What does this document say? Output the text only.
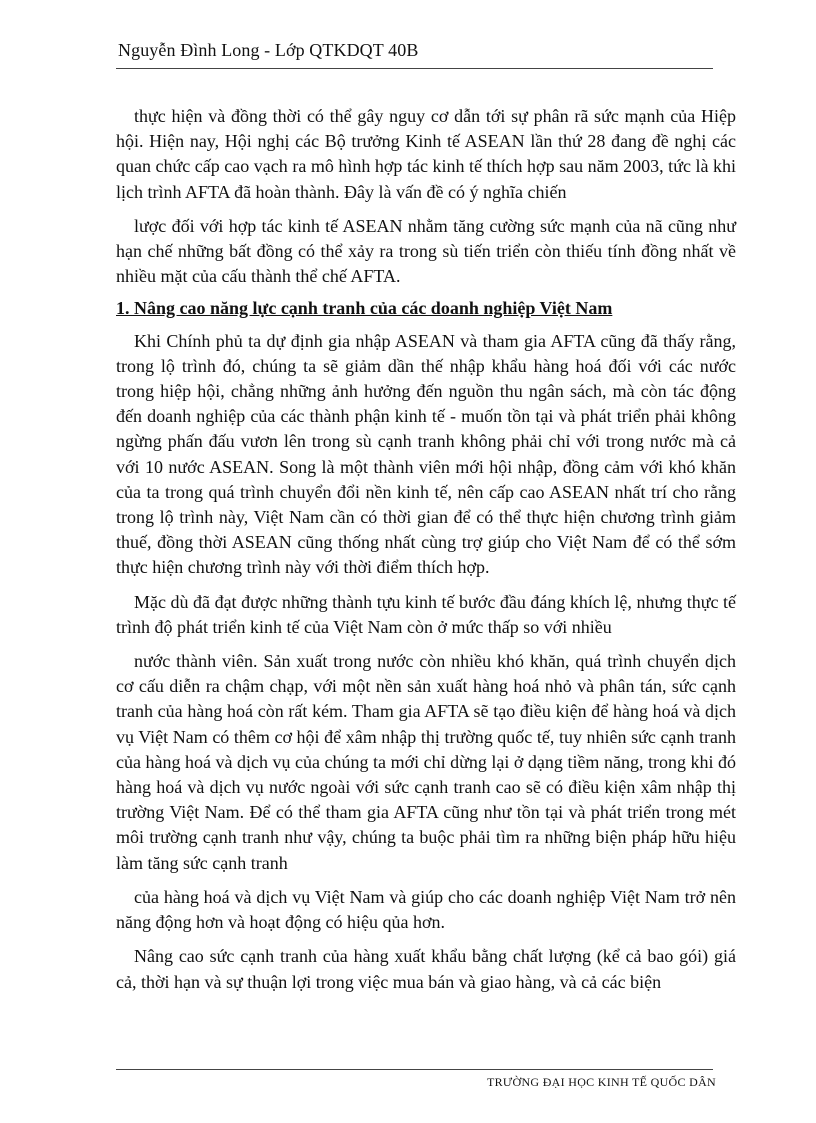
Nguyễn Đình Long - Lớp QTKDQT 40B

thực hiện và đồng thời có thể gây nguy cơ dẫn tới sự phân rã sức mạnh của Hiệp hội. Hiện nay, Hội nghị các Bộ trưởng Kinh tế ASEAN lần thứ 28 đang đề nghị các quan chức cấp cao vạch ra mô hình hợp tác kinh tế thích hợp sau năm 2003, tức là khi lịch trình AFTA đã hoàn thành. Đây là vấn đề có ý nghĩa chiến

lược đối với hợp tác kinh tế ASEAN nhằm tăng cường sức mạnh của nã cũng như hạn chế những bất đồng có thể xảy ra trong sù tiến triển còn thiếu tính đồng nhất về nhiều mặt của cấu thành thể chế AFTA.

1. Nâng cao năng lực cạnh tranh của các doanh nghiệp Việt Nam

Khi Chính phủ ta dự định gia nhập ASEAN và tham gia AFTA cũng đã thấy rằng, trong lộ trình đó, chúng ta sẽ giảm dần thế nhập khẩu hàng hoá đối với các nước trong hiệp hội, chẳng những ảnh hưởng đến nguồn thu ngân sách, mà còn tác động đến doanh nghiệp của các thành phận kinh tế - muốn tồn tại và phát triển phải không ngừng phấn đấu vươn lên trong sù cạnh tranh không phải chỉ với trong nước mà cả với 10 nước ASEAN. Song là một thành viên mới hội nhập, đồng cảm với khó khăn của ta trong quá trình chuyển đổi nền kinh tế, nên cấp cao ASEAN nhất trí cho rằng trong lộ trình này, Việt Nam cần có thời gian để có thể thực hiện chương trình giảm thuế, đồng thời ASEAN cũng thống nhất cùng trợ giúp cho Việt Nam để có thể sớm thực hiện chương trình này với thời điểm thích hợp.

Mặc dù đã đạt được những thành tựu kinh tế bước đầu đáng khích lệ, nhưng thực tế trình độ phát triển kinh tế của Việt Nam còn ở mức thấp so với nhiều

nước thành viên. Sản xuất trong nước còn nhiều khó khăn, quá trình chuyển dịch cơ cấu diễn ra chậm chạp, với một nền sản xuất hàng hoá nhỏ và phân tán, sức cạnh tranh của hàng hoá còn rất kém. Tham gia AFTA sẽ tạo điều kiện để hàng hoá và dịch vụ Việt Nam có thêm cơ hội để xâm nhập thị trường quốc tế, tuy nhiên sức cạnh tranh của hàng hoá và dịch vụ của chúng ta mới chỉ dừng lại ở dạng tiềm năng, trong khi đó hàng hoá và dịch vụ nước ngoài với sức cạnh tranh cao sẽ có điều kiện xâm nhập thị trường Việt Nam. Để có thể tham gia AFTA cũng như tồn tại và phát triển trong mét môi trường cạnh tranh như vậy, chúng ta buộc phải tìm ra những biện pháp hữu hiệu làm tăng sức cạnh tranh

của hàng hoá và dịch vụ Việt Nam và giúp cho các doanh nghiệp Việt Nam trở nên năng động hơn và hoạt động có hiệu qủa hơn.

Nâng cao sức cạnh tranh của hàng xuất khẩu bằng chất lượng (kể cả bao gói) giá cả, thời hạn và sự thuận lợi trong việc mua bán và giao hàng, và cả các biện

TRƯỜNG ĐẠI HỌC KINH TẾ QUỐC DÂN
